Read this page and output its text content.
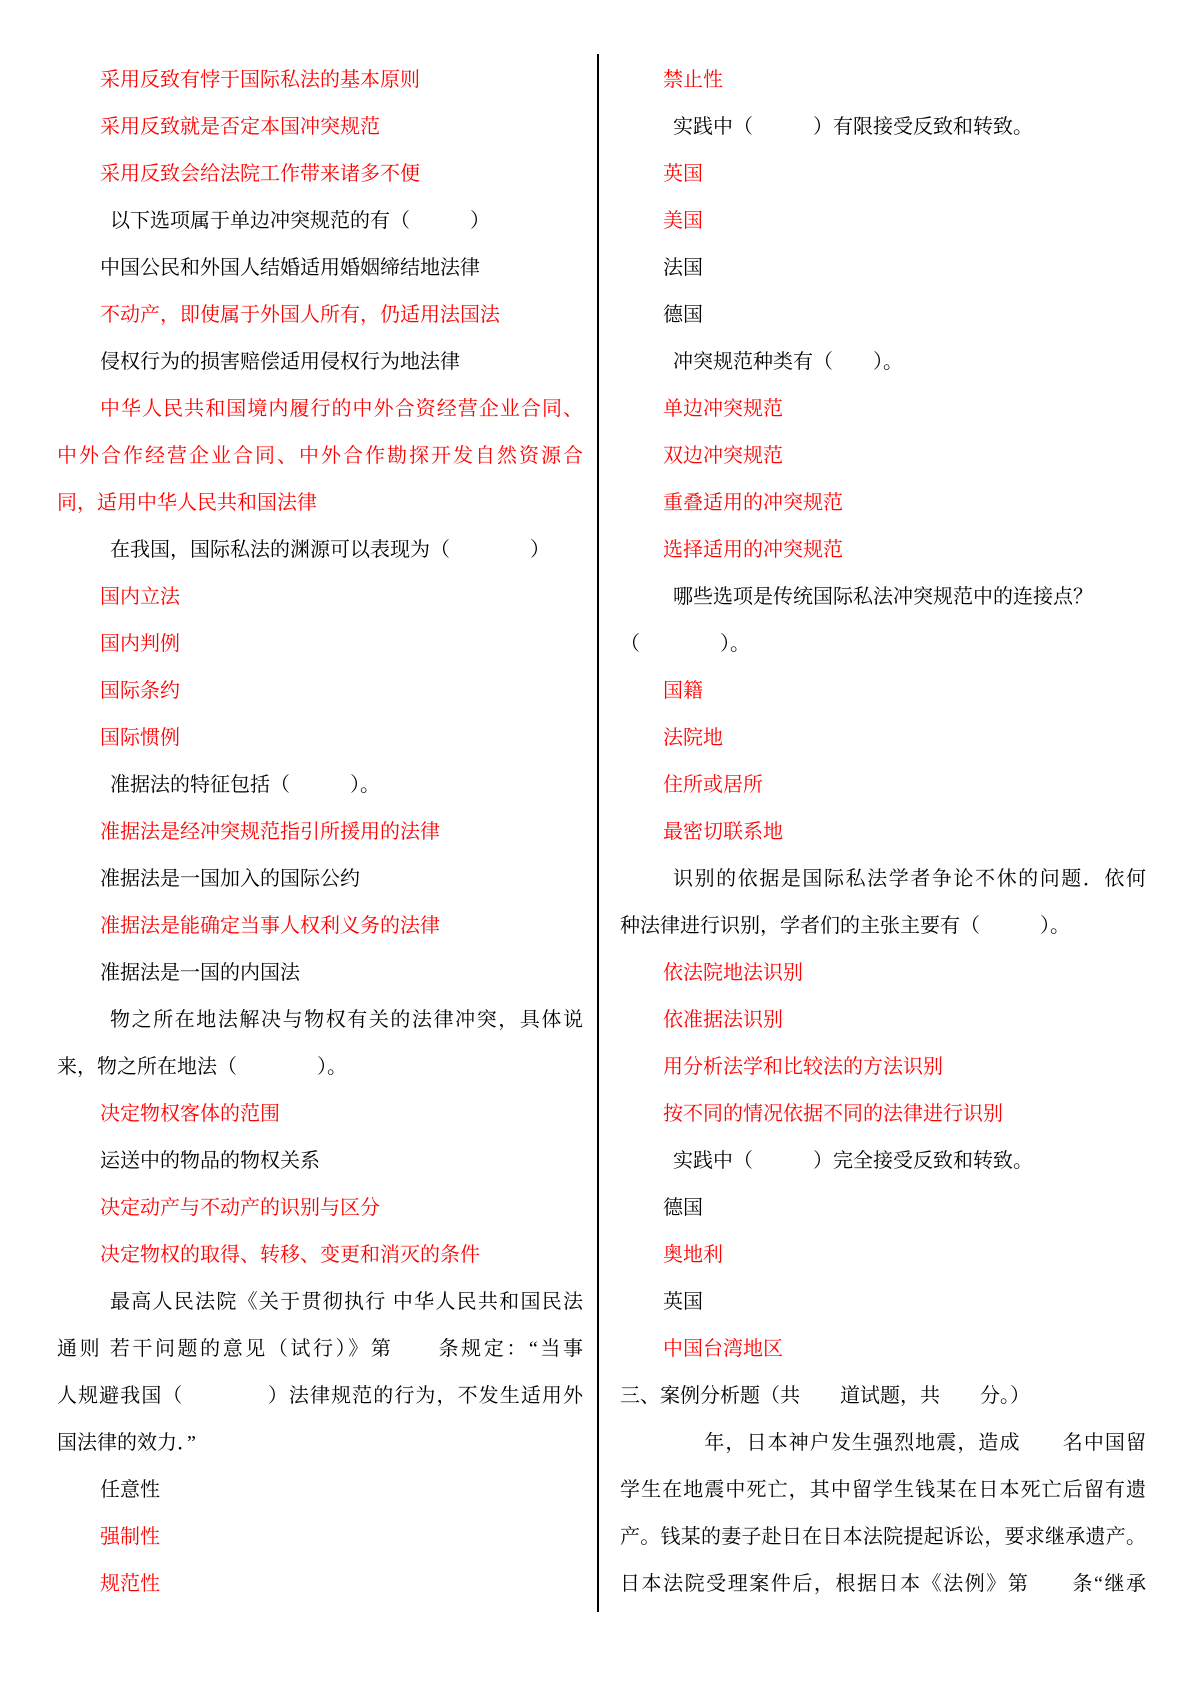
采用反致有悖于国际私法的基本原则
采用反致就是否定本国冲突规范
采用反致会给法院工作带来诸多不便
以下选项属于单边冲突规范的有（　　　）
中国公民和外国人结婚适用婚姻缔结地法律
不动产，即使属于外国人所有，仍适用法国法
侵权行为的损害赔偿适用侵权行为地法律
中华人民共和国境内履行的中外合资经营企业合同、
中外合作经营企业合同、中外合作勘探开发自然资源合
同，适用中华人民共和国法律
在我国，国际私法的渊源可以表现为（　　　　）
国内立法
国内判例
国际条约
国际惯例
准据法的特征包括（　　　）。
准据法是经冲突规范指引所援用的法律
准据法是一国加入的国际公约
准据法是能确定当事人权利义务的法律
准据法是一国的内国法
物之所在地法解决与物权有关的法律冲突，具体说
来，物之所在地法（　　　　）。
决定物权客体的范围
运送中的物品的物权关系
决定动产与不动产的识别与区分
决定物权的取得、转移、变更和消灭的条件
最高人民法院《关于贯彻执行 中华人民共和国民法
通则 若干问题的意见（试行）》第　　条规定：“当事
人规避我国（　　　　）法律规范的行为，不发生适用外
国法律的效力．”
任意性
强制性
规范性
禁止性
实践中（　　　）有限接受反致和转致。
英国
美国
法国
德国
冲突规范种类有（　　）。
单边冲突规范
双边冲突规范
重叠适用的冲突规范
选择适用的冲突规范
哪些选项是传统国际私法冲突规范中的连接点？
（　　　　）。
国籍
法院地
住所或居所
最密切联系地
识别的依据是国际私法学者争论不休的问题．依何
种法律进行识别，学者们的主张主要有（　　　）。
依法院地法识别
依准据法识别
用分析法学和比较法的方法识别
按不同的情况依据不同的法律进行识别
实践中（　　　）完全接受反致和转致。
德国
奥地利
英国
中国台湾地区
三、案例分析题（共　　道试题，共　　分。）
　　　　年，日本神户发生强烈地震，造成　　名中国留
学生在地震中死亡，其中留学生钱某在日本死亡后留有遗
产。钱某的妻子赴日在日本法院提起诉讼，要求继承遗产。
日本法院受理案件后，根据日本《法例》第　　条“继承
